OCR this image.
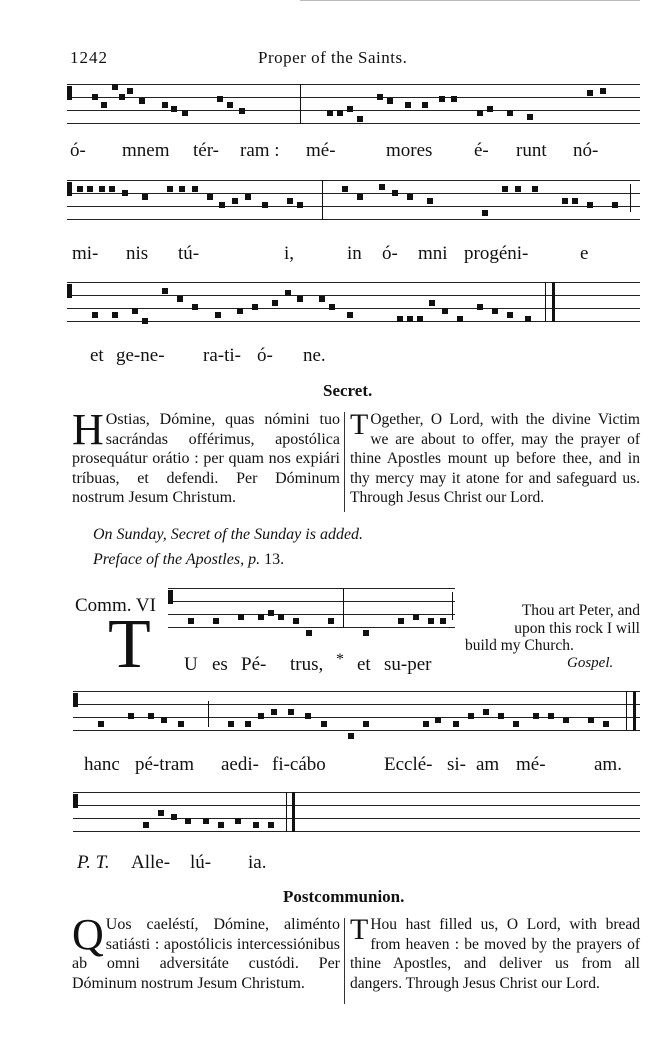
1242	Proper of the Saints.
ó- mnem tér- ram : mé-	mores é- runt nó-
mi- nis tú-	i,	in ó- mni progéni-	e
et ge-ne- ra-ti- ó- ne.
Secret.
H Ostias, Dómine, quas nómini tuo sacrándas offérimus, apostólica prosequátur orátio : per quam nos expiári tríbuas, et defendi. Per Dóminum nostrum Jesum Christum.
T Ogether, O Lord, with the divine Victim we are about to offer, may the prayer of thine Apostles mount up before thee, and in thy mercy may it atone for and safeguard us. Through Jesus Christ our Lord.
On Sunday, Secret of the Sunday is added.
Preface of the Apostles, p. 13.
Comm. VI
T U es Pé- trus, * et su-per
Thou art Peter, and
upon this rock I will
build my Church.
Gospel.
hanc pé-tram aedi- fi-cábo	Ecclé- si- am mé-	am.
P. T. Alle- lú- ia.
Postcommunion.
Q Uos caeléstí, Dómine, aliménto satiásti : apostólicis intercessiónibus ab omni adversitáte custódi. Per Dóminum nostrum Jesum Christum.
T Hou hast filled us, O Lord, with bread from heaven : be moved by the prayers of thine Apostles, and deliver us from all dangers. Through Jesus Christ our Lord.
